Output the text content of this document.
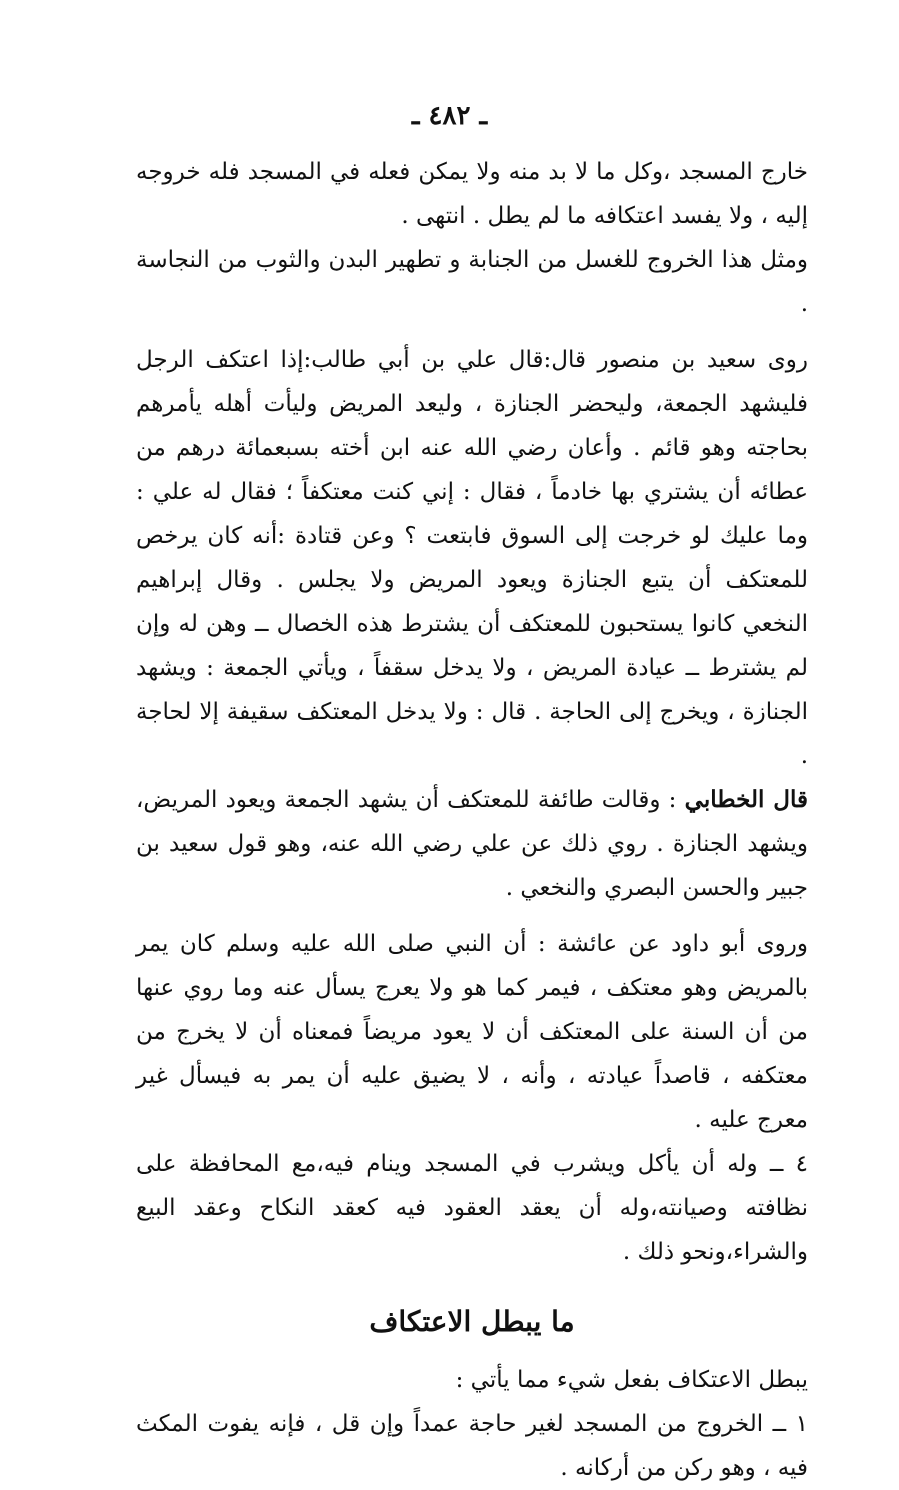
ـ ٤٨٢ ـ

خارج المسجد ،وكل ما لا بد منه ولا يمكن فعله في المسجد فله خروجه إليه ، ولا يفسد اعتكافه ما لم يطل . انتهى .

ومثل هذا الخروج للغسل من الجنابة و تطهير البدن والثوب من النجاسة .

روى سعيد بن منصور قال:قال علي بن أبي طالب:إذا اعتكف الرجل فليشهد الجمعة، وليحضر الجنازة ، وليعد المريض وليأت أهله يأمرهم بحاجته وهو قائم . وأعان رضي الله عنه ابن أخته بسبعمائة درهم من عطائه أن يشتري بها خادماً ، فقال : إني كنت معتكفاً ؛ فقال له علي : وما عليك لو خرجت إلى السوق فابتعت ؟ وعن قتادة :أنه كان يرخص للمعتكف أن يتبع الجنازة ويعود المريض ولا يجلس . وقال إبراهيم النخعي كانوا يستحبون للمعتكف أن يشترط هذه الخصال ــ وهن له وإن لم يشترط ــ عيادة المريض ، ولا يدخل سقفاً ، ويأتي الجمعة : ويشهد الجنازة ، ويخرج إلى الحاجة . قال : ولا يدخل المعتكف سقيفة إلا لحاجة .

قال الخطابي : وقالت طائفة للمعتكف أن يشهد الجمعة ويعود المريض، ويشهد الجنازة . روي ذلك عن علي رضي الله عنه، وهو قول سعيد بن جبير والحسن البصري والنخعي .

وروى أبو داود عن عائشة : أن النبي صلى الله عليه وسلم كان يمر بالمريض وهو معتكف ، فيمر كما هو ولا يعرج يسأل عنه وما روي عنها من أن السنة على المعتكف أن لا يعود مريضاً فمعناه أن لا يخرج من معتكفه ، قاصداً عيادته ، وأنه ، لا يضيق عليه أن يمر به فيسأل غير معرج عليه .

٤ ــ وله أن يأكل ويشرب في المسجد وينام فيه،مع المحافظة على نظافته وصيانته،وله أن يعقد العقود فيه كعقد النكاح وعقد البيع والشراء،ونحو ذلك .

ما يبطل الاعتكاف

يبطل الاعتكاف بفعل شيء مما يأتي :

١ ــ الخروج من المسجد لغير حاجة عمداً وإن قل ، فإنه يفوت المكث فيه ، وهو ركن من أركانه .
